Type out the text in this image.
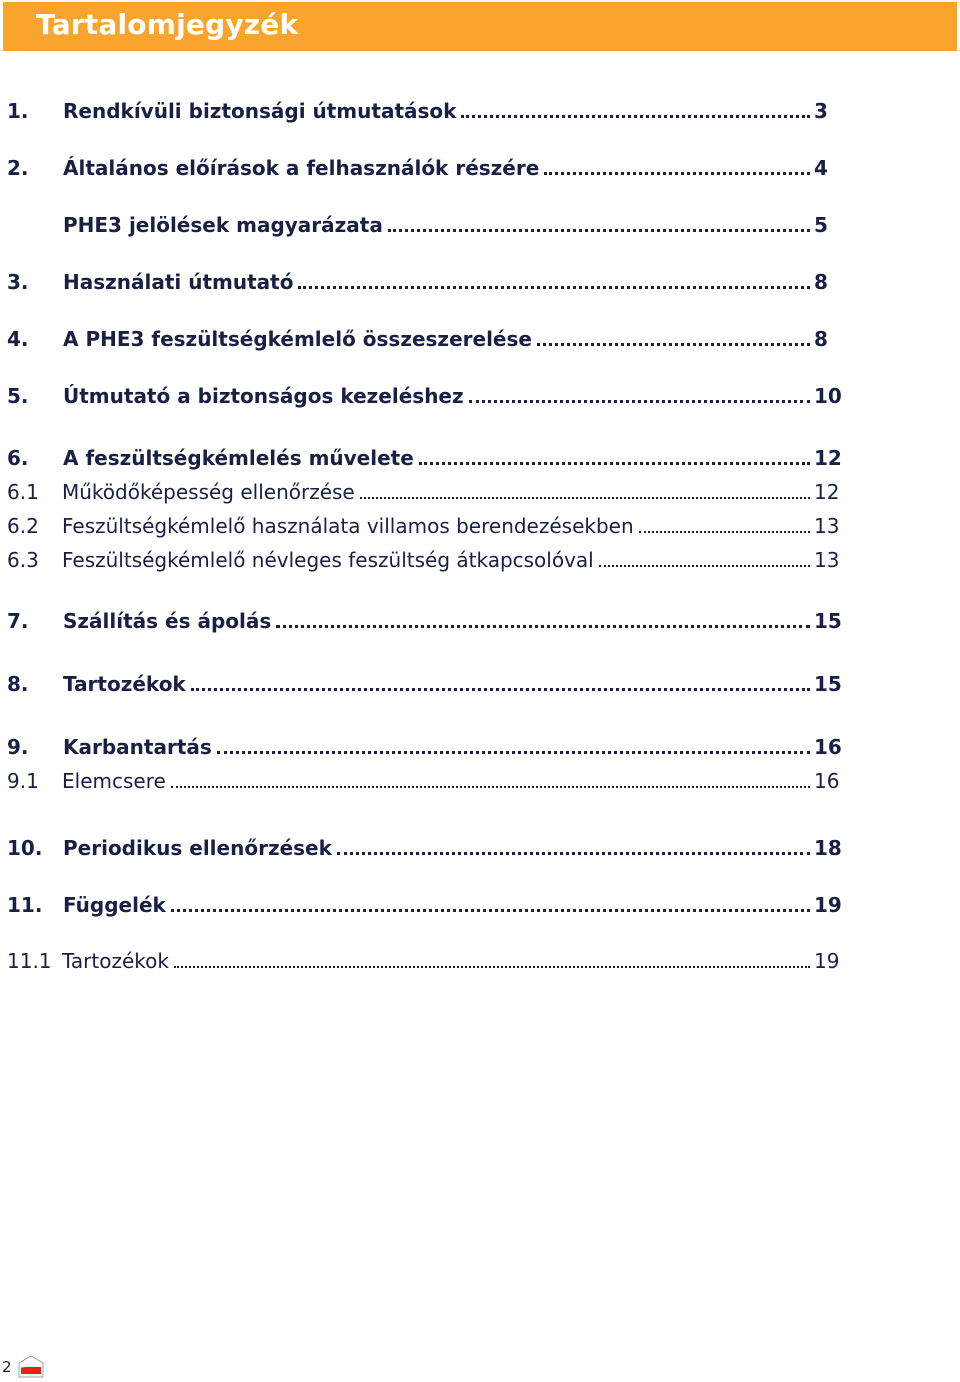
Tartalomjegyzék
1. Rendkívüli biztonsági útmutatások	3
2. Általános előírások a felhasználók részére	4
PHE3 jelölések magyarázata	5
3. Használati útmutató	8
4. A PHE3 feszültségkémlelő összeszerelése	8
5. Útmutató a biztonságos kezeléshez	10
6. A feszültségkémlelés művelete	12
6.1 Működőképesség ellenőrzése	12
6.2 Feszültségkémlelő használata villamos berendezésekben	13
6.3 Feszültségkémlelő névleges feszültség átkapcsolóval	13
7. Szállítás és ápolás	15
8. Tartozékok	15
9. Karbantartás	16
9.1 Elemcsere	16
10. Periodikus ellenőrzések	18
11. Függelék	19
11.1 Tartozékok	19
2
